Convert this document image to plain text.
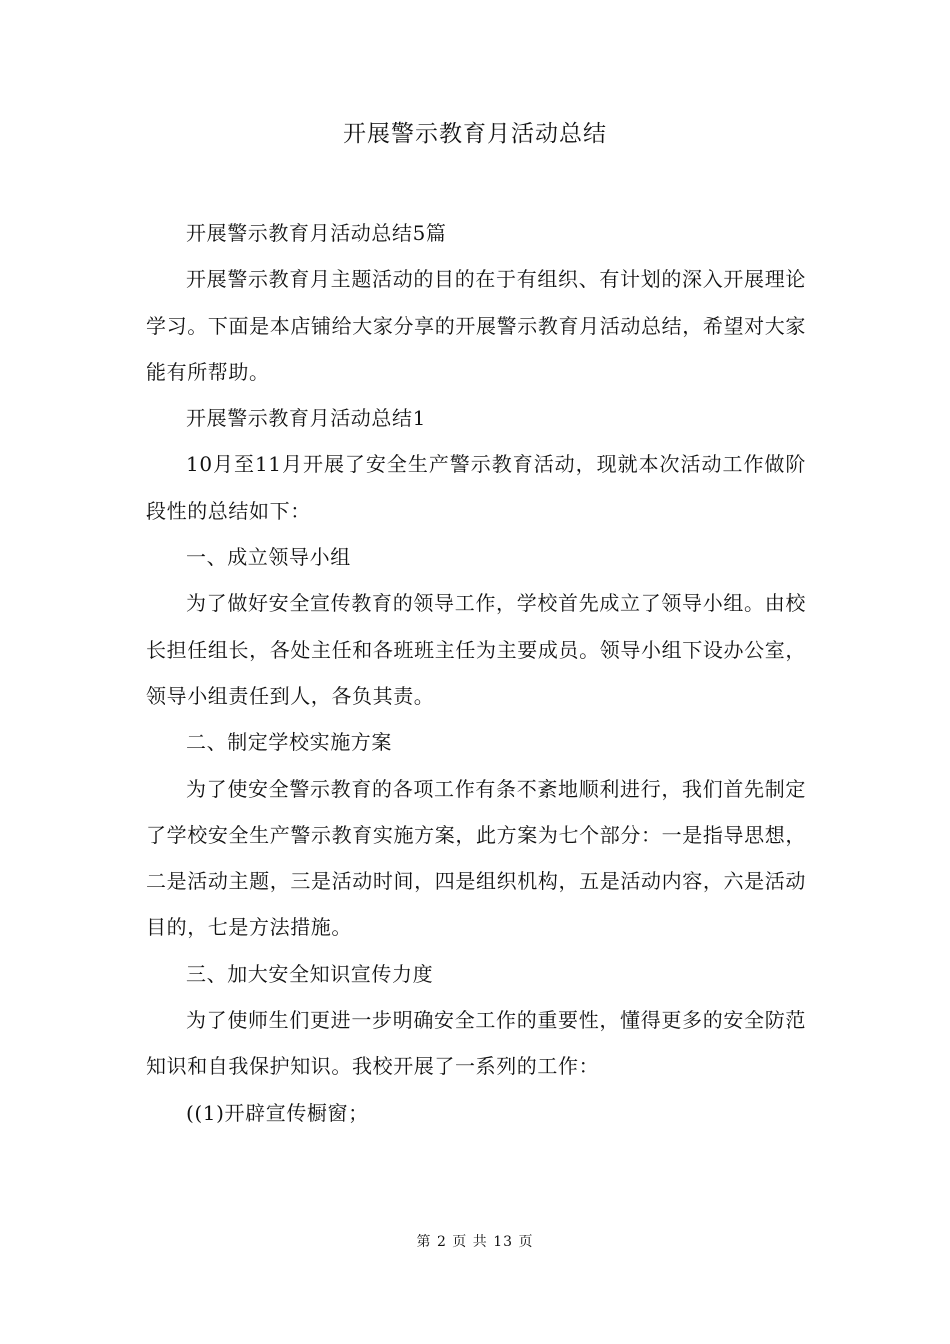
开展警示教育月活动总结

开展警示教育月活动总结5篇

开展警示教育月主题活动的目的在于有组织、有计划的深入开展理论学习。下面是本店铺给大家分享的开展警示教育月活动总结，希望对大家能有所帮助。

开展警示教育月活动总结1

10月至11月开展了安全生产警示教育活动，现就本次活动工作做阶段性的总结如下：

一、成立领导小组

为了做好安全宣传教育的领导工作，学校首先成立了领导小组。由校长担任组长，各处主任和各班班主任为主要成员。领导小组下设办公室，领导小组责任到人，各负其责。

二、制定学校实施方案

为了使安全警示教育的各项工作有条不紊地顺利进行，我们首先制定了学校安全生产警示教育实施方案，此方案为七个部分：一是指导思想，二是活动主题，三是活动时间，四是组织机构，五是活动内容，六是活动目的，七是方法措施。

三、加大安全知识宣传力度

为了使师生们更进一步明确安全工作的重要性，懂得更多的安全防范知识和自我保护知识。我校开展了一系列的工作：

((1)开辟宣传橱窗；

第 2 页 共 13 页
